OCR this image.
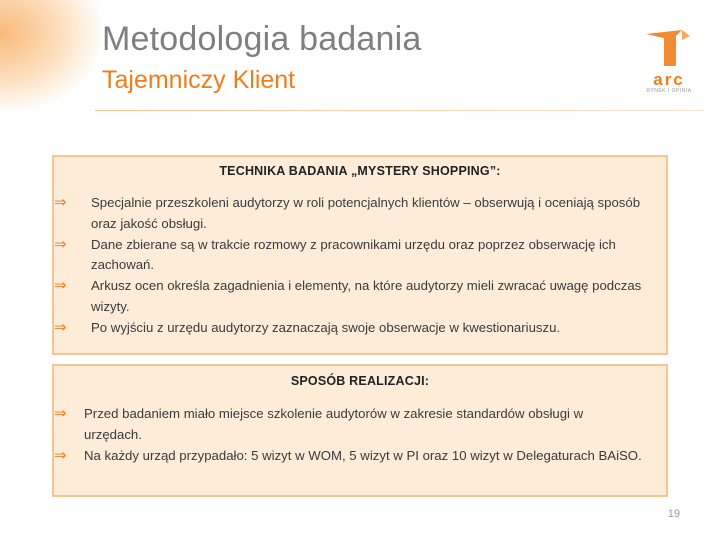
Metodologia badania
Tajemniczy Klient	arc
RYNEK I OPINIA
TECHNIKA BADANIA „MYSTERY SHOPPING”:
⇒ Specjalnie przeszkoleni audytorzy w roli potencjalnych klientów – obserwują i oceniają sposób oraz jakość obsługi.
⇒ Dane zbierane są w trakcie rozmowy z pracownikami urzędu oraz poprzez obserwację ich zachowań.
⇒ Arkusz ocen określa zagadnienia i elementy, na które audytorzy mieli zwracać uwagę podczas wizyty.
⇒ Po wyjściu z urzędu audytorzy zaznaczają swoje obserwacje w kwestionariuszu.
SPOSÓB REALIZACJI:
⇒ Przed badaniem miało miejsce szkolenie audytorów w zakresie standardów obsługi w urzędach.
⇒ Na każdy urząd przypadało: 5 wizyt w WOM, 5 wizyt w PI oraz 10 wizyt w Delegaturach BAiSO.
19
